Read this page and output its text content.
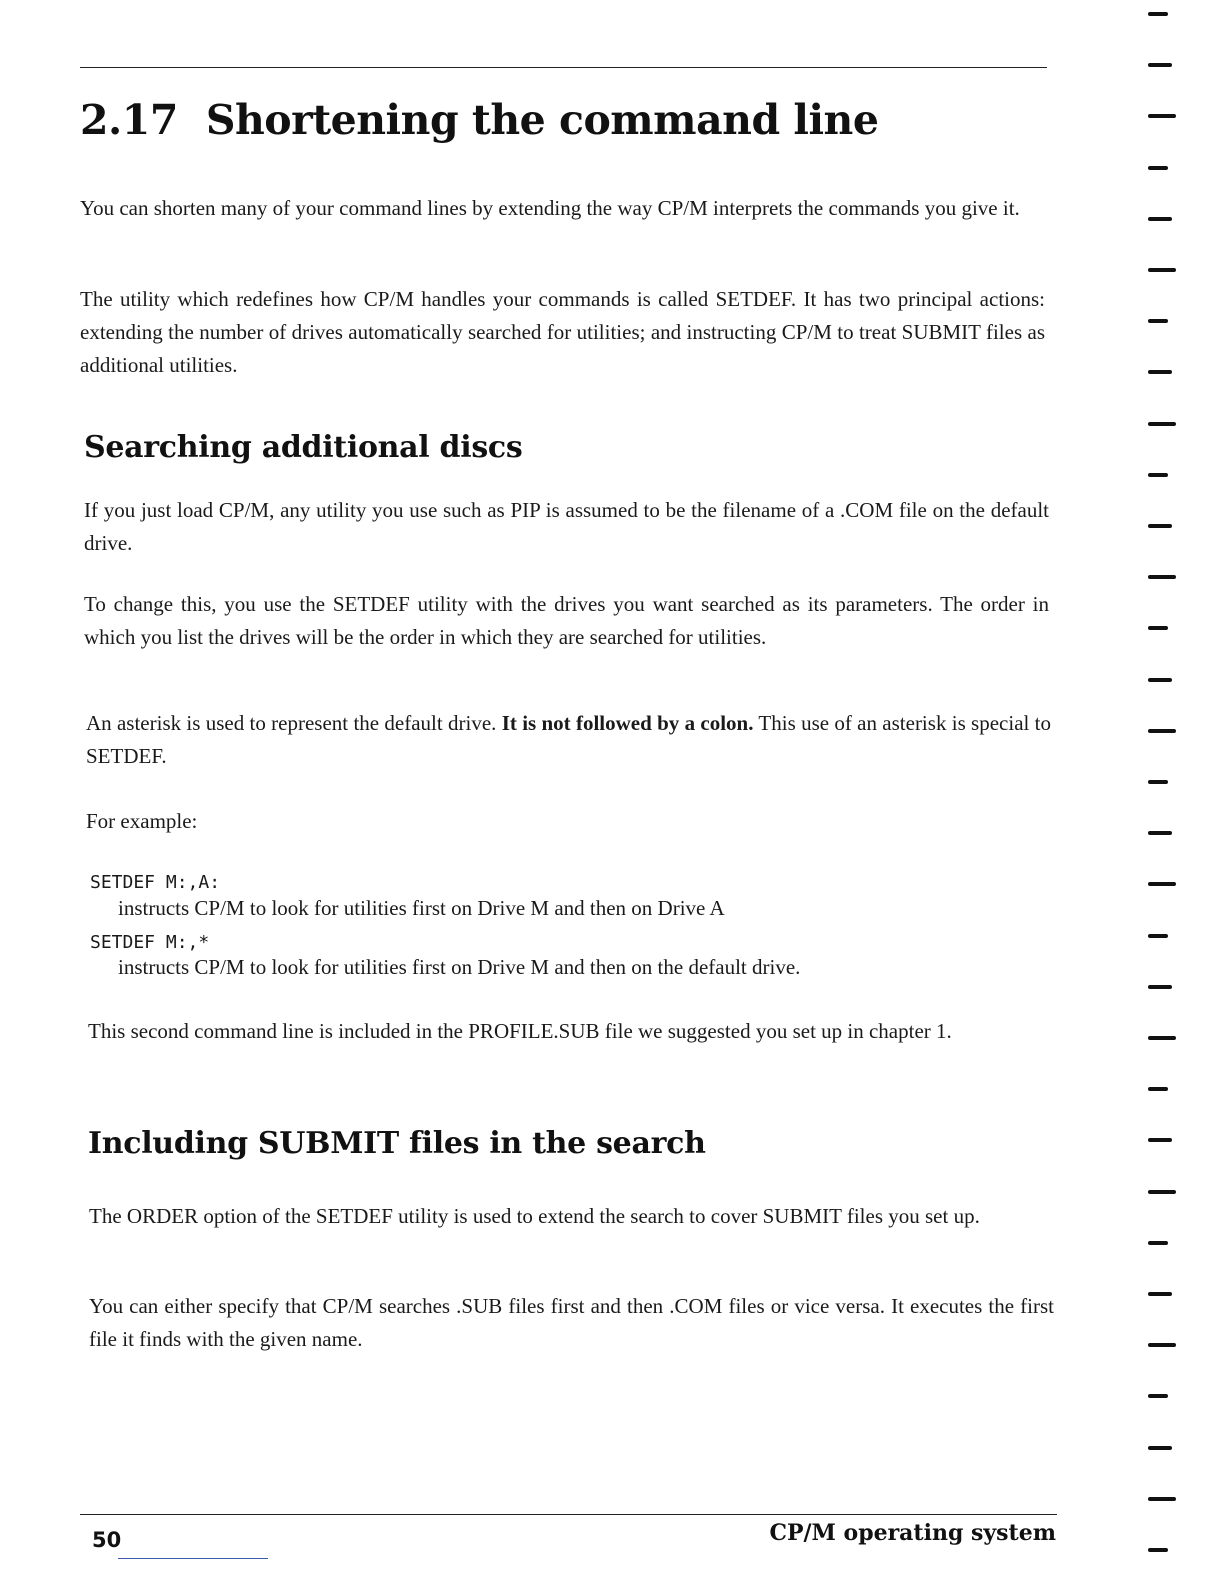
2.17 Shortening the command line

You can shorten many of your command lines by extending the way CP/M interprets the commands you give it.

The utility which redefines how CP/M handles your commands is called SETDEF. It has two principal actions: extending the number of drives automatically searched for utilities; and instructing CP/M to treat SUBMIT files as additional utilities.

Searching additional discs

If you just load CP/M, any utility you use such as PIP is assumed to be the filename of a .COM file on the default drive.

To change this, you use the SETDEF utility with the drives you want searched as its parameters. The order in which you list the drives will be the order in which they are searched for utilities.

An asterisk is used to represent the default drive. It is not followed by a colon. This use of an asterisk is special to SETDEF.

For example:

SETDEF M:,A:
instructs CP/M to look for utilities first on Drive M and then on Drive A
SETDEF M:,*
instructs CP/M to look for utilities first on Drive M and then on the default drive.

This second command line is included in the PROFILE.SUB file we suggested you set up in chapter 1.

Including SUBMIT files in the search

The ORDER option of the SETDEF utility is used to extend the search to cover SUBMIT files you set up.

You can either specify that CP/M searches .SUB files first and then .COM files or vice versa. It executes the first file it finds with the given name.

50	CP/M operating system
